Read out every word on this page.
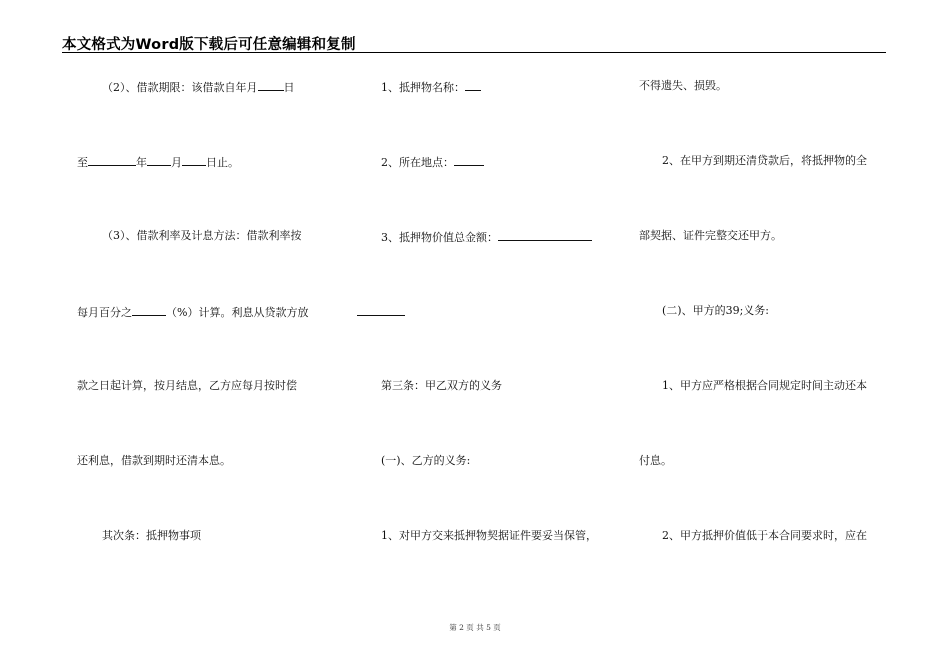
本文格式为Word版下载后可任意编辑和复制
（2）、借款期限：该借款自年月 日
至	年 月 日止。
（3）、借款利率及计息方法：借款利率按
每月百分之	（%）计算。利息从贷款方放
款之日起计算，按月结息，乙方应每月按时偿
还利息，借款到期时还清本息。
其次条：抵押物事项
1、抵押物名称：
2、所在地点：
3、抵押物价值总金额：
第三条：甲乙双方的义务
(一)、乙方的义务:
1、对甲方交来抵押物契据证件要妥当保管，
不得遗失、损毁。
2、在甲方到期还清贷款后，将抵押物的全
部契据、证件完整交还甲方。
(二)、甲方的39;义务:
1、甲方应严格根据合同规定时间主动还本
付息。
2、甲方抵押价值低于本合同要求时，应在
第 2 页 共 5 页
